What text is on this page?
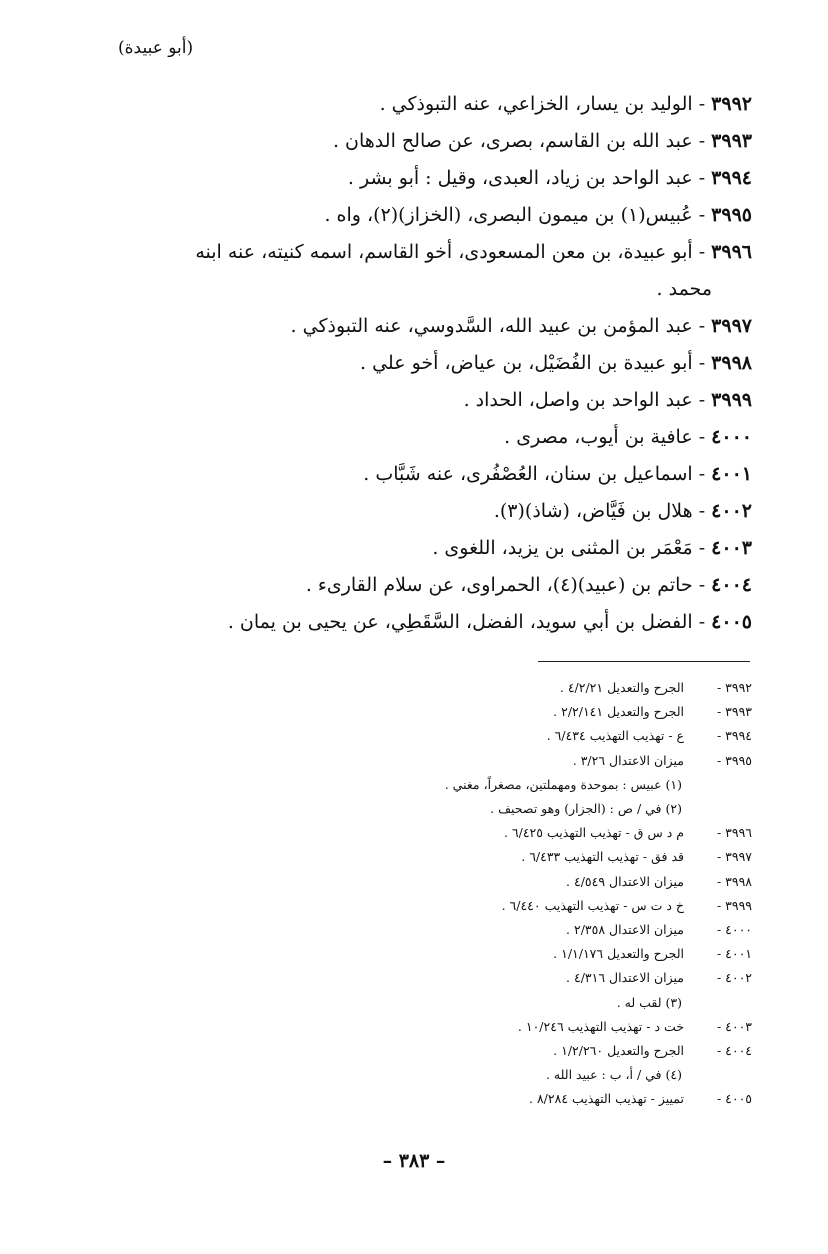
(أبو عبيدة)
٣٩٩٢ - الوليد بن يسار، الخزاعي، عنه التبوذكي .
٣٩٩٣ - عبد الله بن القاسم، بصرى، عن صالح الدهان .
٣٩٩٤ - عبد الواحد بن زياد، العبدى، وقيل : أبو بشر .
٣٩٩٥ - عُبيس(١) بن ميمون البصرى، (الخزاز)(٢)، واه .
٣٩٩٦ - أبو عبيدة، بن معن المسعودى، أخو القاسم، اسمه كنيته، عنه ابنه
محمد .
٣٩٩٧ - عبد المؤمن بن عبيد الله، السَّدوسي، عنه التبوذكي .
٣٩٩٨ - أبو عبيدة بن الفُضَيْل، بن عياض، أخو علي .
٣٩٩٩ - عبد الواحد بن واصل، الحداد .
٤٠٠٠ - عافية بن أيوب، مصرى .
٤٠٠١ - اسماعيل بن سنان، العُصْفُرى، عنه شَبَّاب .
٤٠٠٢ - هلال بن فَيَّاض، (شاذ)(٣).
٤٠٠٣ - مَعْمَر بن المثنى بن يزيد، اللغوى .
٤٠٠٤ - حاتم بن (عبيد)(٤)، الحمراوى، عن سلام القارىء .
٤٠٠٥ - الفضل بن أبي سويد، الفضل، السَّقَطِي، عن يحيى بن يمان .
٣٩٩٢ -
الجرح والتعديل ٤/٢/٢١ .
٣٩٩٣ -
الجرح والتعديل ٢/٢/١٤١ .
٣٩٩٤ -
ع - تهذيب التهذيب ٦/٤٣٤ .
٣٩٩٥ -
ميزان الاعتدال ٣/٢٦ .
(١) عبيس : بموحدة ومهملتين، مصغراً، مغني .
(٢) في / ص : (الجزار) وهو تصحيف .
٣٩٩٦ -
م د س ق - تهذيب التهذيب ٦/٤٢٥ .
٣٩٩٧ -
قد فق - تهذيب التهذيب ٦/٤٣٣ .
٣٩٩٨ -
ميزان الاعتدال ٤/٥٤٩ .
٣٩٩٩ -
خ د ت س - تهذيب التهذيب ٦/٤٤٠ .
٤٠٠٠ -
ميزان الاعتدال ٢/٣٥٨ .
٤٠٠١ -
الجرح والتعديل ١/١/١٧٦ .
٤٠٠٢ -
ميزان الاعتدال ٤/٣١٦ .
(٣) لقب له .
٤٠٠٣ -
خت د - تهذيب التهذيب ١٠/٢٤٦ .
٤٠٠٤ -
الجرح والتعديل ١/٢/٢٦٠ .
(٤) في / أ، ب : عبيد الله .
٤٠٠٥ -
تمييز - تهذيب التهذيب ٨/٢٨٤ .
– ٣٨٣ –
